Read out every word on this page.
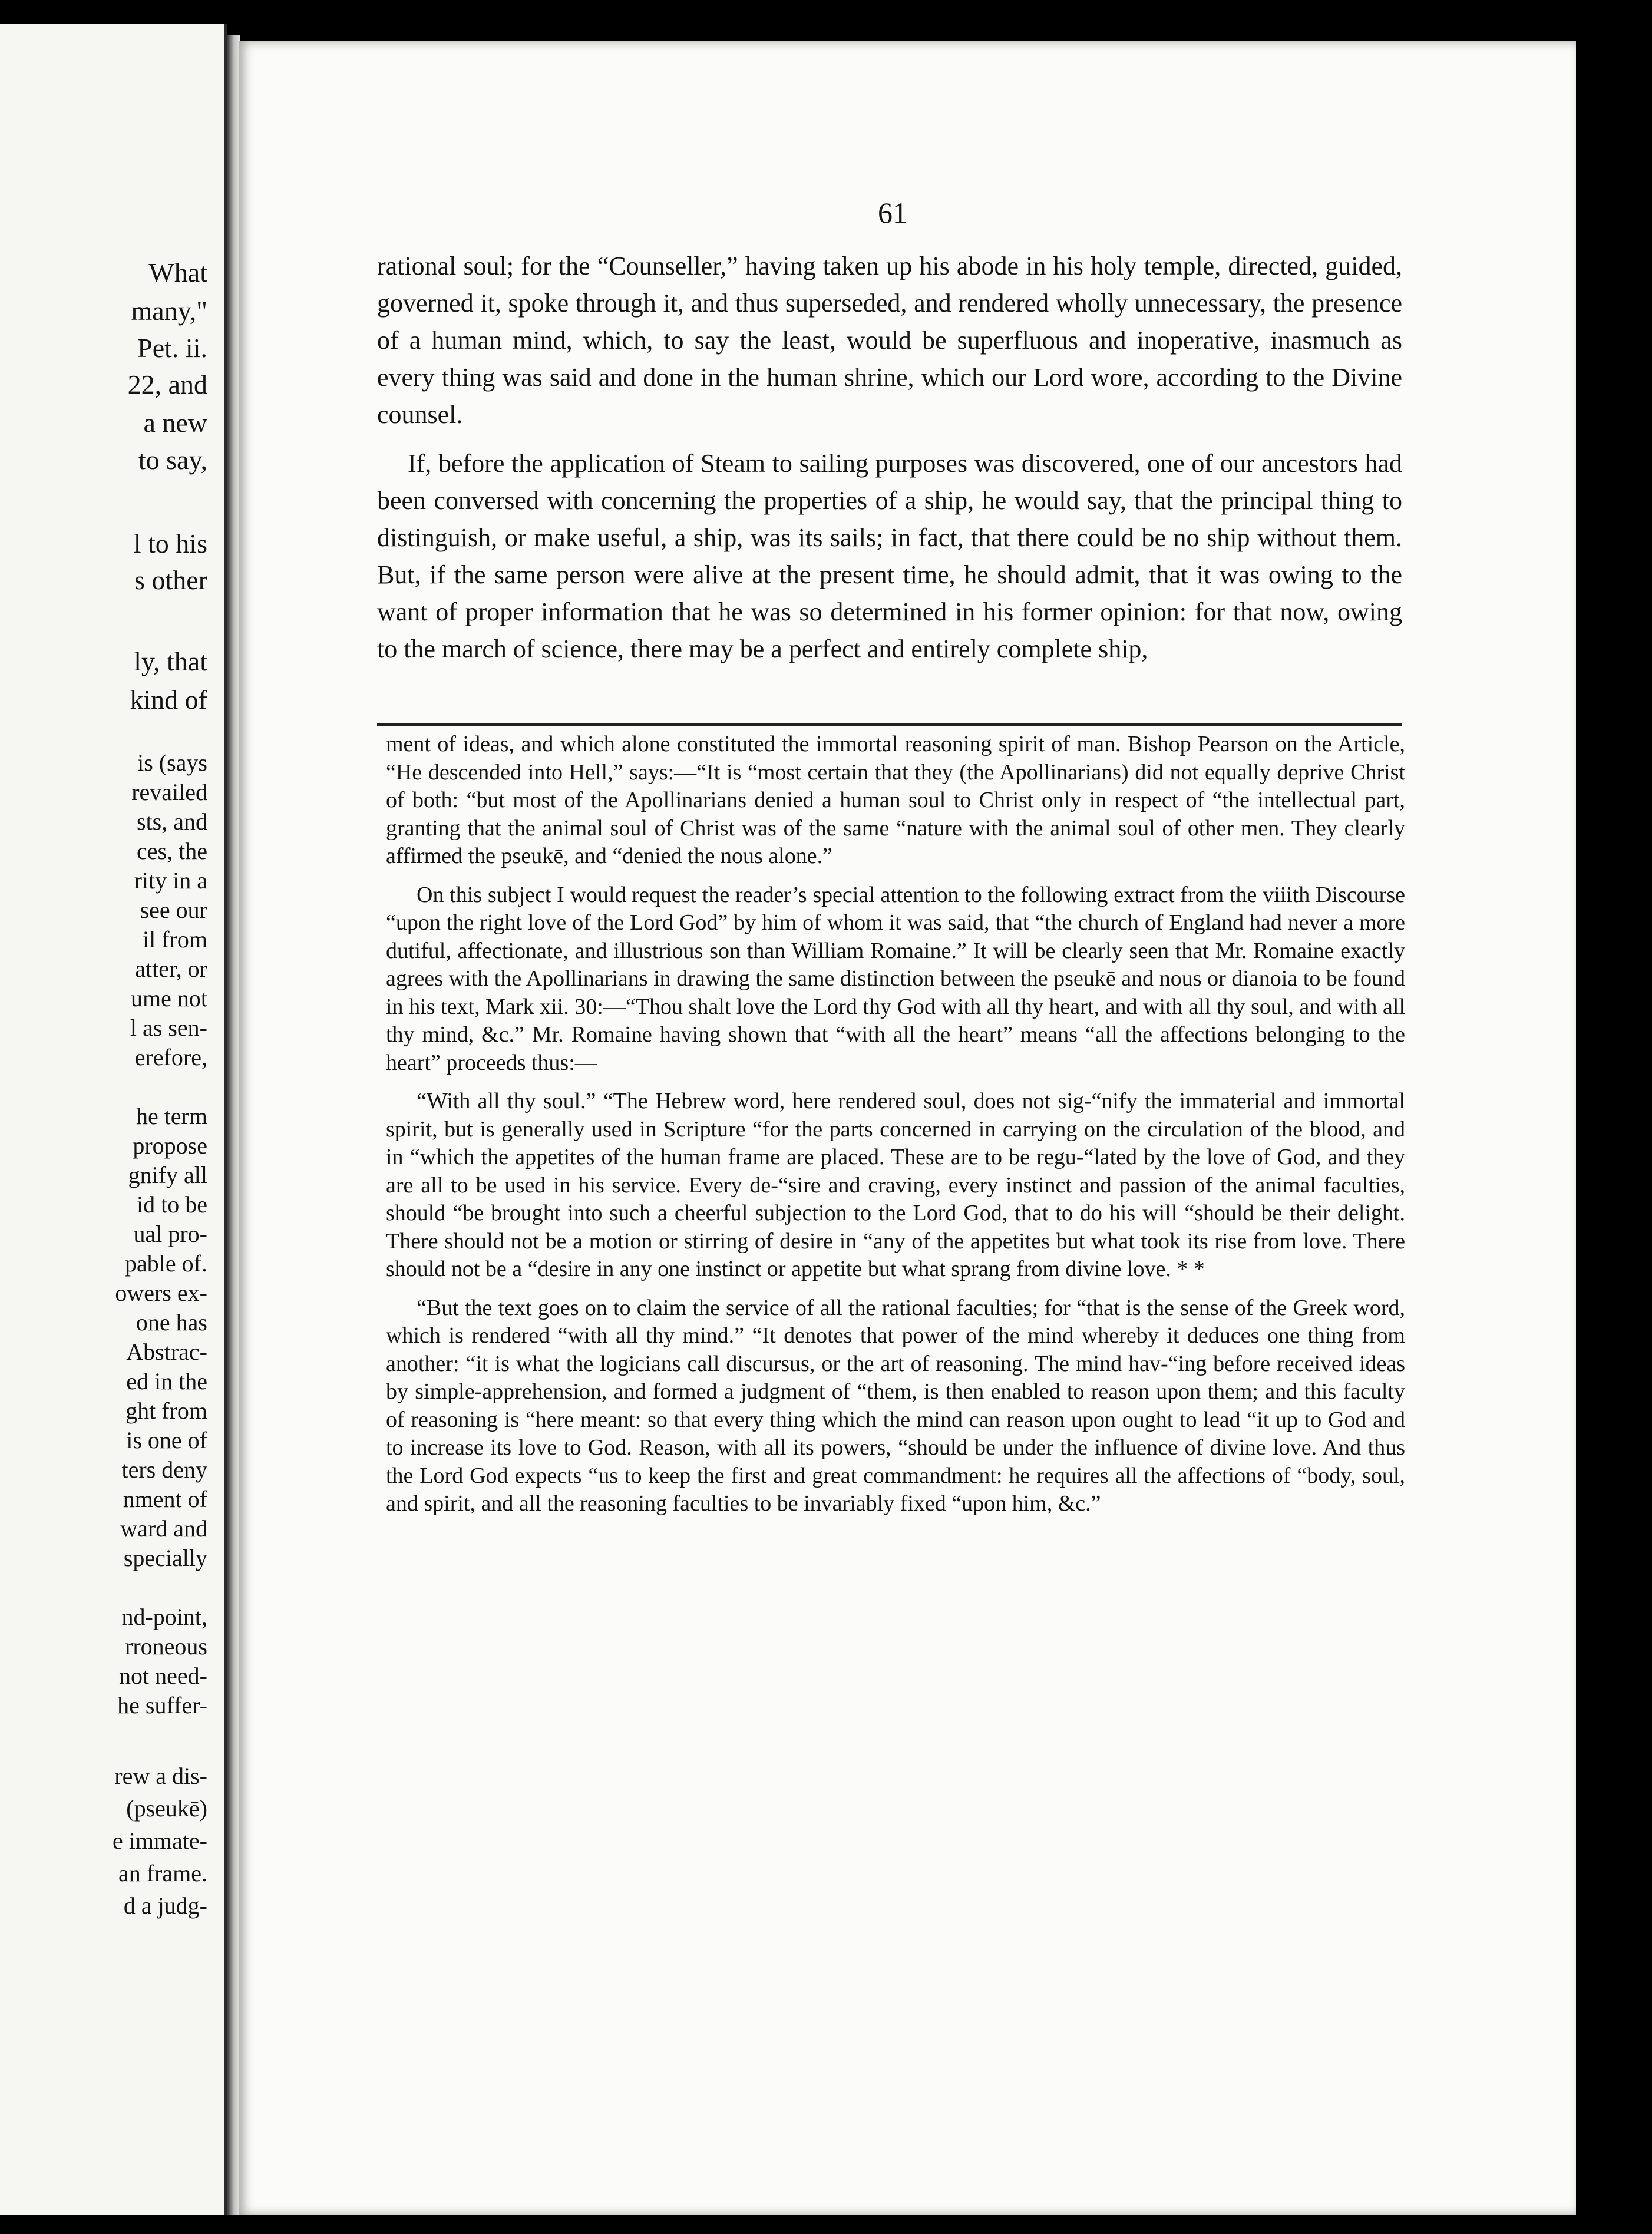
What
many,"
Pet. ii.
22, and
a new
to say,
l to his
s other
ly, that
kind of
is (says
revailed
sts, and
ces, the
rity in a
see our
il from
atter, or
ume not
l as sen-
erefore,
he term
propose
gnify all
id to be
ual pro-
pable of.
owers ex-
one has
Abstrac-
ed in the
ght from
is one of
ters deny
nment of
ward and
specially
nd-point,
rroneous
not need-
he suffer-
rew a dis-
(pseukē)
e immate-
an frame.
d a judg-
61

rational soul; for the “Counseller,” having taken up his abode in his holy temple, directed, guided, governed it, spoke through it, and thus superseded, and rendered wholly unnecessary, the presence of a human mind, which, to say the least, would be superfluous and inoperative, inasmuch as every thing was said and done in the human shrine, which our Lord wore, according to the Divine counsel.

If, before the application of Steam to sailing purposes was discovered, one of our ancestors had been conversed with concerning the properties of a ship, he would say, that the principal thing to distinguish, or make useful, a ship, was its sails; in fact, that there could be no ship without them. But, if the same person were alive at the present time, he should admit, that it was owing to the want of proper information that he was so determined in his former opinion: for that now, owing to the march of science, there may be a perfect and entirely complete ship,

ment of ideas, and which alone constituted the immortal reasoning spirit of man. Bishop Pearson on the Article, “He descended into Hell,” says:—“It is “most certain that they (the Apollinarians) did not equally deprive Christ of both: “but most of the Apollinarians denied a human soul to Christ only in respect of “the intellectual part, granting that the animal soul of Christ was of the same “nature with the animal soul of other men. They clearly affirmed the pseukē, and “denied the nous alone.”

On this subject I would request the reader’s special attention to the following extract from the viiith Discourse “upon the right love of the Lord God” by him of whom it was said, that “the church of England had never a more dutiful, affectionate, and illustrious son than William Romaine.” It will be clearly seen that Mr. Romaine exactly agrees with the Apollinarians in drawing the same distinction between the pseukē and nous or dianoia to be found in his text, Mark xii. 30:—“Thou shalt love the Lord thy God with all thy heart, and with all thy soul, and with all thy mind, &c.” Mr. Romaine having shown that “with all the heart” means “all the affections belonging to the heart” proceeds thus:—

“With all thy soul.” “The Hebrew word, here rendered soul, does not sig-“nify the immaterial and immortal spirit, but is generally used in Scripture “for the parts concerned in carrying on the circulation of the blood, and in “which the appetites of the human frame are placed. These are to be regu-“lated by the love of God, and they are all to be used in his service. Every de-“sire and craving, every instinct and passion of the animal faculties, should “be brought into such a cheerful subjection to the Lord God, that to do his will “should be their delight. There should not be a motion or stirring of desire in “any of the appetites but what took its rise from love. There should not be a “desire in any one instinct or appetite but what sprang from divine love. * *

“But the text goes on to claim the service of all the rational faculties; for “that is the sense of the Greek word, which is rendered “with all thy mind.” “It denotes that power of the mind whereby it deduces one thing from another: “it is what the logicians call discursus, or the art of reasoning. The mind hav-“ing before received ideas by simple-apprehension, and formed a judgment of “them, is then enabled to reason upon them; and this faculty of reasoning is “here meant: so that every thing which the mind can reason upon ought to lead “it up to God and to increase its love to God. Reason, with all its powers, “should be under the influence of divine love. And thus the Lord God expects “us to keep the first and great commandment: he requires all the affections of “body, soul, and spirit, and all the reasoning faculties to be invariably fixed “upon him, &c.”
